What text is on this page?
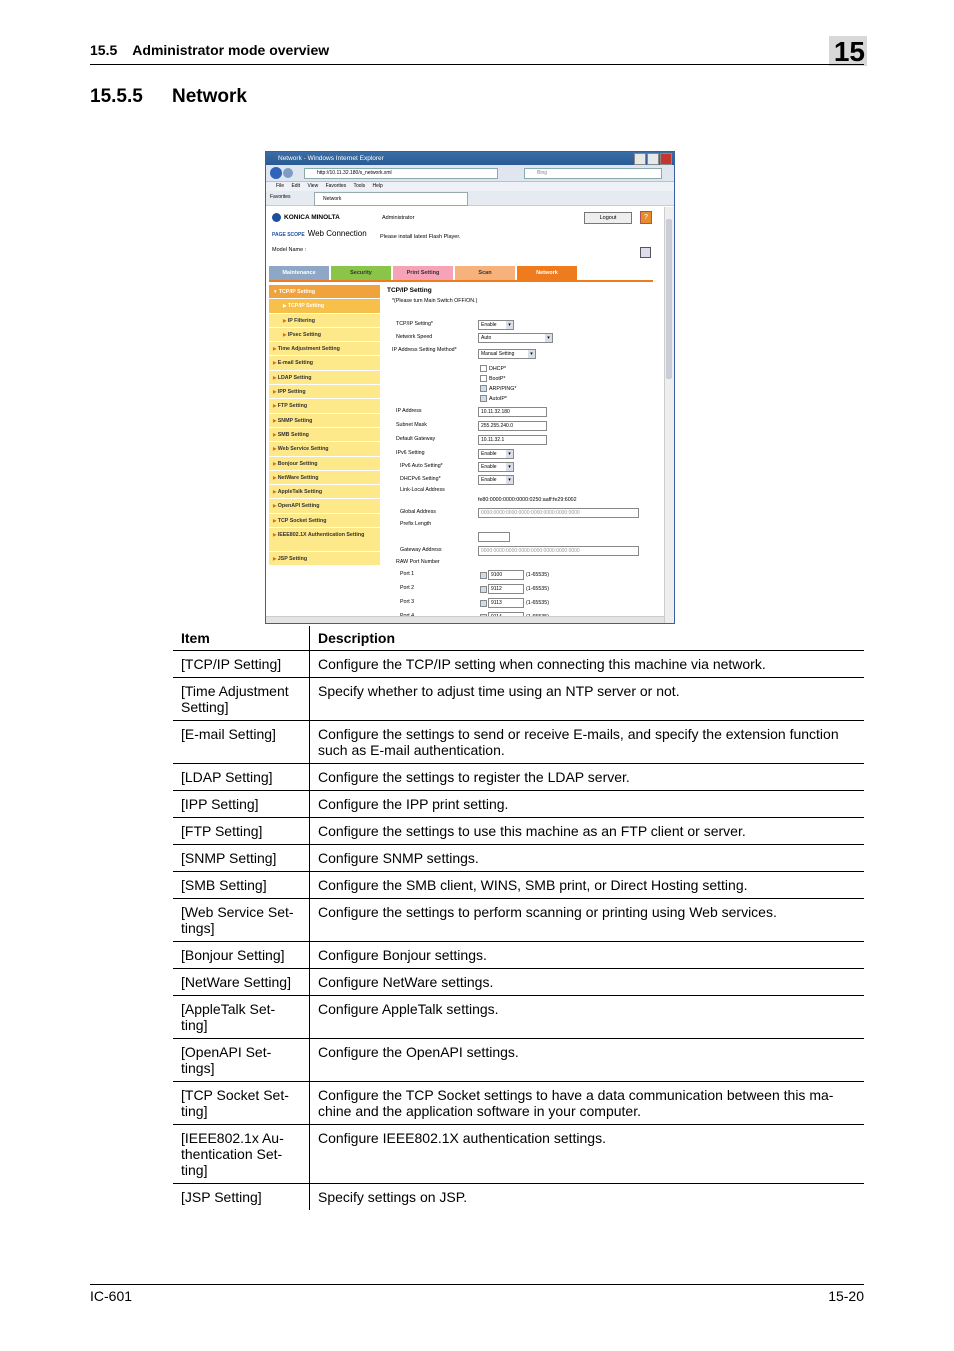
15.5    Administrator mode overview	15
15.5.5 Network
Network - Windows Internet Explorer
http://10.11.32.180/s_network.xml	Bing
File Edit View Favorites Tools Help
Favorites	Network
KONICA MINOLTA
PAGE SCOPE Web Connection
Administrator
Please install latest Flash Player.
Model Name :
Logout	?
Maintenance	Security	Print Setting	Scan	Network
▼ TCP/IP Setting
▶ TCP/IP Setting
▶ IP Filtering
▶ IPsec Setting
▶ Time Adjustment Setting
▶ E-mail Setting
▶ LDAP Setting
▶ IPP Setting
▶ FTP Setting
▶ SNMP Setting
▶ SMB Setting
▶ Web Service Setting
▶ Bonjour Setting
▶ NetWare Setting
▶ AppleTalk Setting
▶ OpenAPI Setting
▶ TCP Socket Setting
▶ IEEE802.1X Authentication Setting
▶ JSP Setting
TCP/IP Setting
*(Please turn Main Switch OFF/ON.)
TCP/IP Setting*	Enable ▾
Network Speed	Auto ▾
IP Address Setting Method*
Manual Setting ▾
DHCP*
BootP*
ARP/PING*
AutoIP*
IP Address	10.11.32.180
Subnet Mask	255.255.240.0
Default Gateway	10.11.32.1
IPv6 Setting	Enable ▾
IPv6 Auto Setting*	Enable ▾
DHCPv6 Setting*	Enable ▾
Link-Local Address
fe80:0000:0000:0000:0250:aaff:fe29:6002
Global Address	0000:0000:0000:0000:0000:0000:0000:0000
Prefix Length
Gateway Address	0000:0000:0000:0000:0000:0000:0000:0000
RAW Port Number
Port 1	9100	(1-65535)
Port 2	9112	(1-65535)
Port 3	9113	(1-65535)
Item	Description
[TCP/IP Setting]	Configure the TCP/IP setting when connecting this machine via network.
[Time Adjustment Setting]	Specify whether to adjust time using an NTP server or not.
[E-mail Setting]	Configure the settings to send or receive E-mails, and specify the extension function such as E-mail authentication.
[LDAP Setting]	Configure the settings to register the LDAP server.
[IPP Setting]	Configure the IPP print setting.
[FTP Setting]	Configure the settings to use this machine as an FTP client or server.
[SNMP Setting]	Configure SNMP settings.
[SMB Setting]	Configure the SMB client, WINS, SMB print, or Direct Hosting setting.
[Web Service Set-tings]	Configure the settings to perform scanning or printing using Web services.
[Bonjour Setting]	Configure Bonjour settings.
[NetWare Setting]	Configure NetWare settings.
[AppleTalk Set-ting]	Configure AppleTalk settings.
[OpenAPI Set-tings]	Configure the OpenAPI settings.
[TCP Socket Set-ting]	Configure the TCP Socket settings to have a data communication between this ma-chine and the application software in your computer.
[IEEE802.1x Au-thentication Set-ting]	Configure IEEE802.1X authentication settings.
[JSP Setting]	Specify settings on JSP.
IC-601	15-20
